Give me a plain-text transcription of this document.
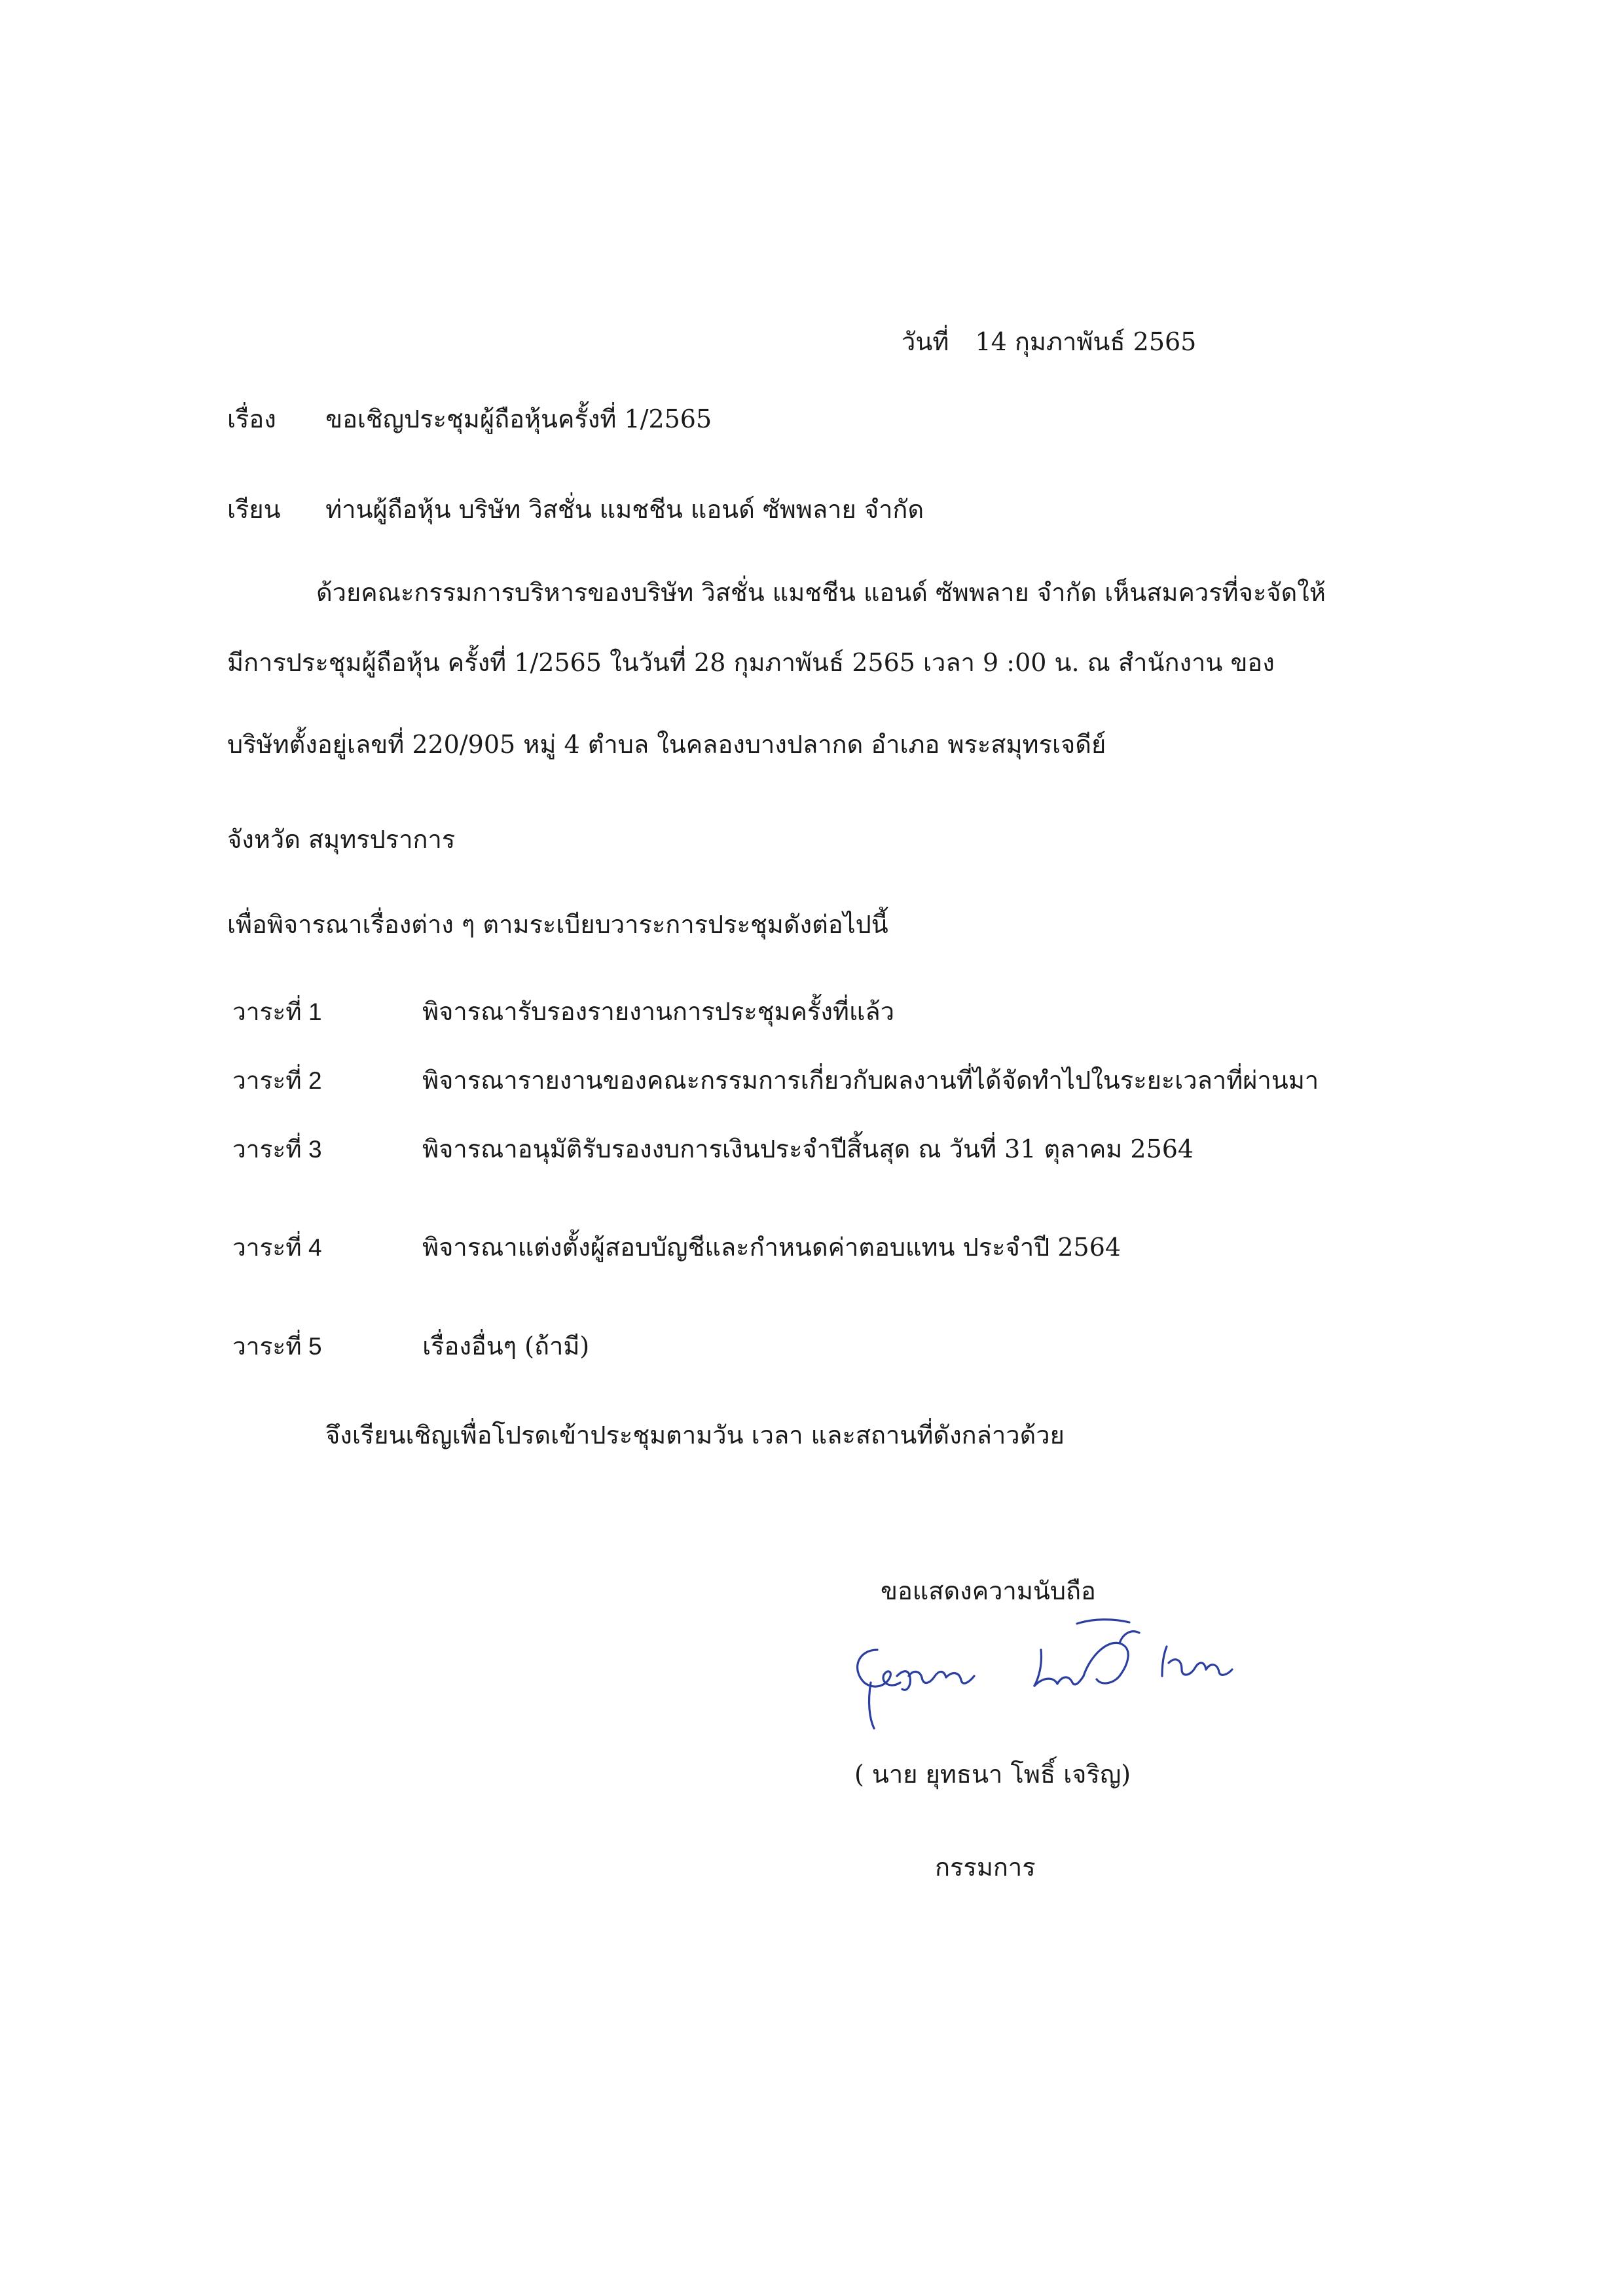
วันที่ 14 กุมภาพันธ์ 2565
เรื่อง ขอเชิญประชุมผู้ถือหุ้นครั้งที่ 1/2565
เรียน ท่านผู้ถือหุ้น บริษัท วิสชั่น แมชชีน แอนด์ ซัพพลาย จำกัด
ด้วยคณะกรรมการบริหารของบริษัท วิสชั่น แมชชีน แอนด์ ซัพพลาย จำกัด เห็นสมควรที่จะจัดให้
มีการประชุมผู้ถือหุ้น ครั้งที่ 1/2565 ในวันที่ 28 กุมภาพันธ์ 2565 เวลา 9 :00 น. ณ สำนักงาน ของ
บริษัทตั้งอยู่เลขที่ 220/905 หมู่ 4 ตำบล ในคลองบางปลากด อำเภอ พระสมุทรเจดีย์
จังหวัด สมุทรปราการ
เพื่อพิจารณาเรื่องต่าง ๆ ตามระเบียบวาระการประชุมดังต่อไปนี้
วาระที่ 1	พิจารณารับรองรายงานการประชุมครั้งที่แล้ว
วาระที่ 2	พิจารณารายงานของคณะกรรมการเกี่ยวกับผลงานที่ได้จัดทำไปในระยะเวลาที่ผ่านมา
วาระที่ 3	พิจารณาอนุมัติรับรองงบการเงินประจำปีสิ้นสุด ณ วันที่ 31 ตุลาคม 2564
วาระที่ 4	พิจารณาแต่งตั้งผู้สอบบัญชีและกำหนดค่าตอบแทน ประจำปี 2564
วาระที่ 5	เรื่องอื่นๆ (ถ้ามี)
จึงเรียนเชิญเพื่อโปรดเข้าประชุมตามวัน เวลา และสถานที่ดังกล่าวด้วย
ขอแสดงความนับถือ
( นาย ยุทธนา โพธิ์ เจริญ)
กรรมการ
